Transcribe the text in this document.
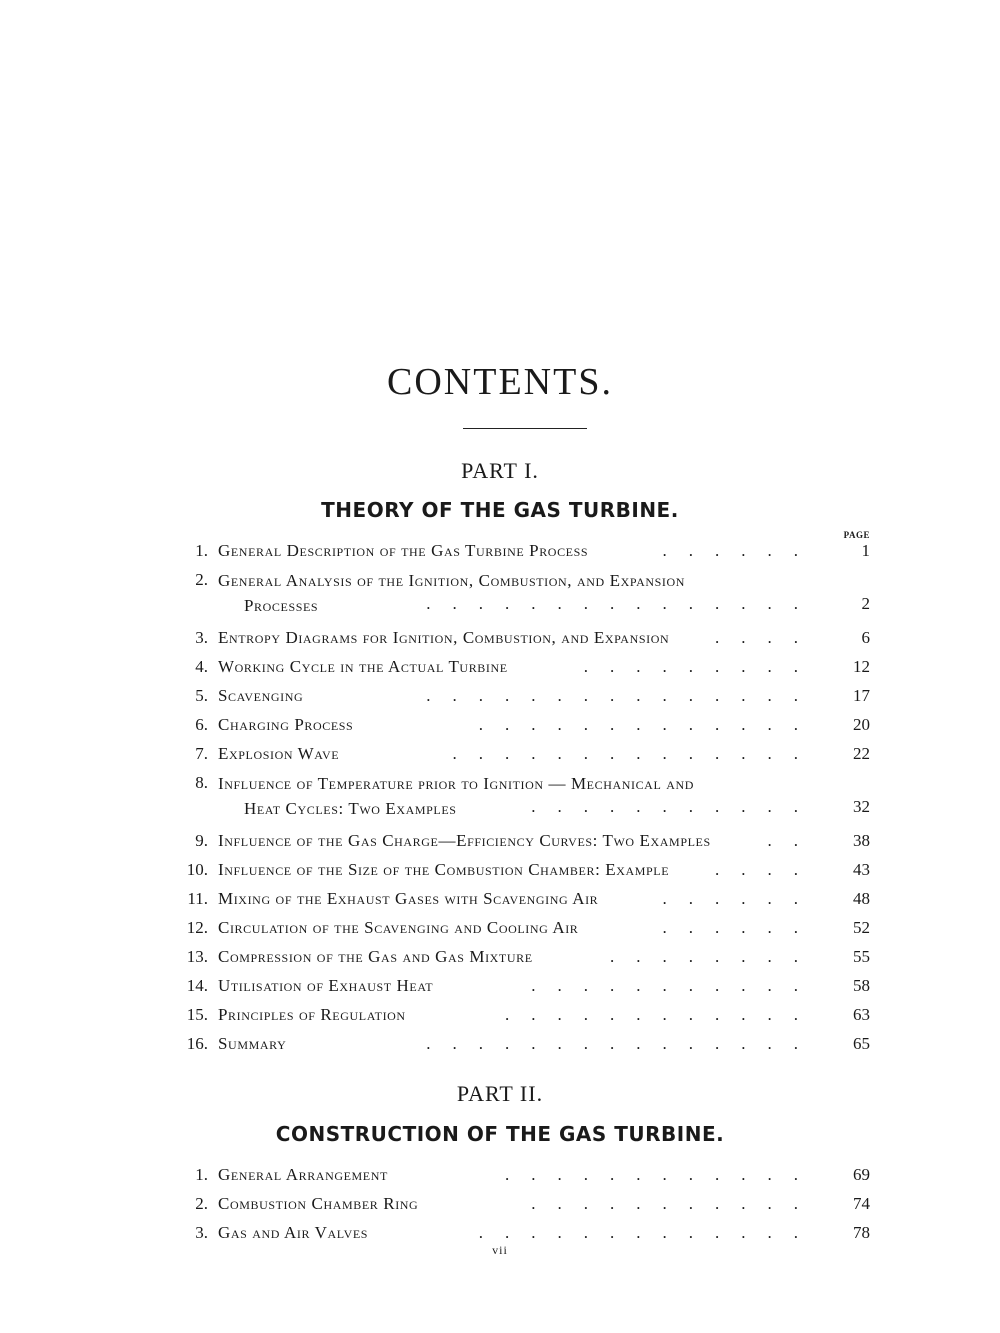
CONTENTS.
PART I.
THEORY OF THE GAS TURBINE.
PAGE
1. General Description of the Gas Turbine Process	......	1
2. General Analysis of the Ignition, Combustion, and Expansion
Processes	...............	2
3. Entropy Diagrams for Ignition, Combustion, and Expansion	....	6
4. Working Cycle in the Actual Turbine	.........	12
5. Scavenging	...............	17
6. Charging Process	.............	20
7. Explosion Wave	..............	22
8. Influence of Temperature prior to Ignition — Mechanical and
Heat Cycles: Two Examples	...........	32
9. Influence of the Gas Charge—Efficiency Curves: Two Examples	..	38
10. Influence of the Size of the Combustion Chamber: Example	....	43
11. Mixing of the Exhaust Gases with Scavenging Air	......	48
12. Circulation of the Scavenging and Cooling Air	......	52
13. Compression of the Gas and Gas Mixture	........	55
14. Utilisation of Exhaust Heat	...........	58
15. Principles of Regulation	............	63
16. Summary	...............	65
PART II.
CONSTRUCTION OF THE GAS TURBINE.
1. General Arrangement	............	69
2. Combustion Chamber Ring	...........	74
3. Gas and Air Valves	.............	78
vii
